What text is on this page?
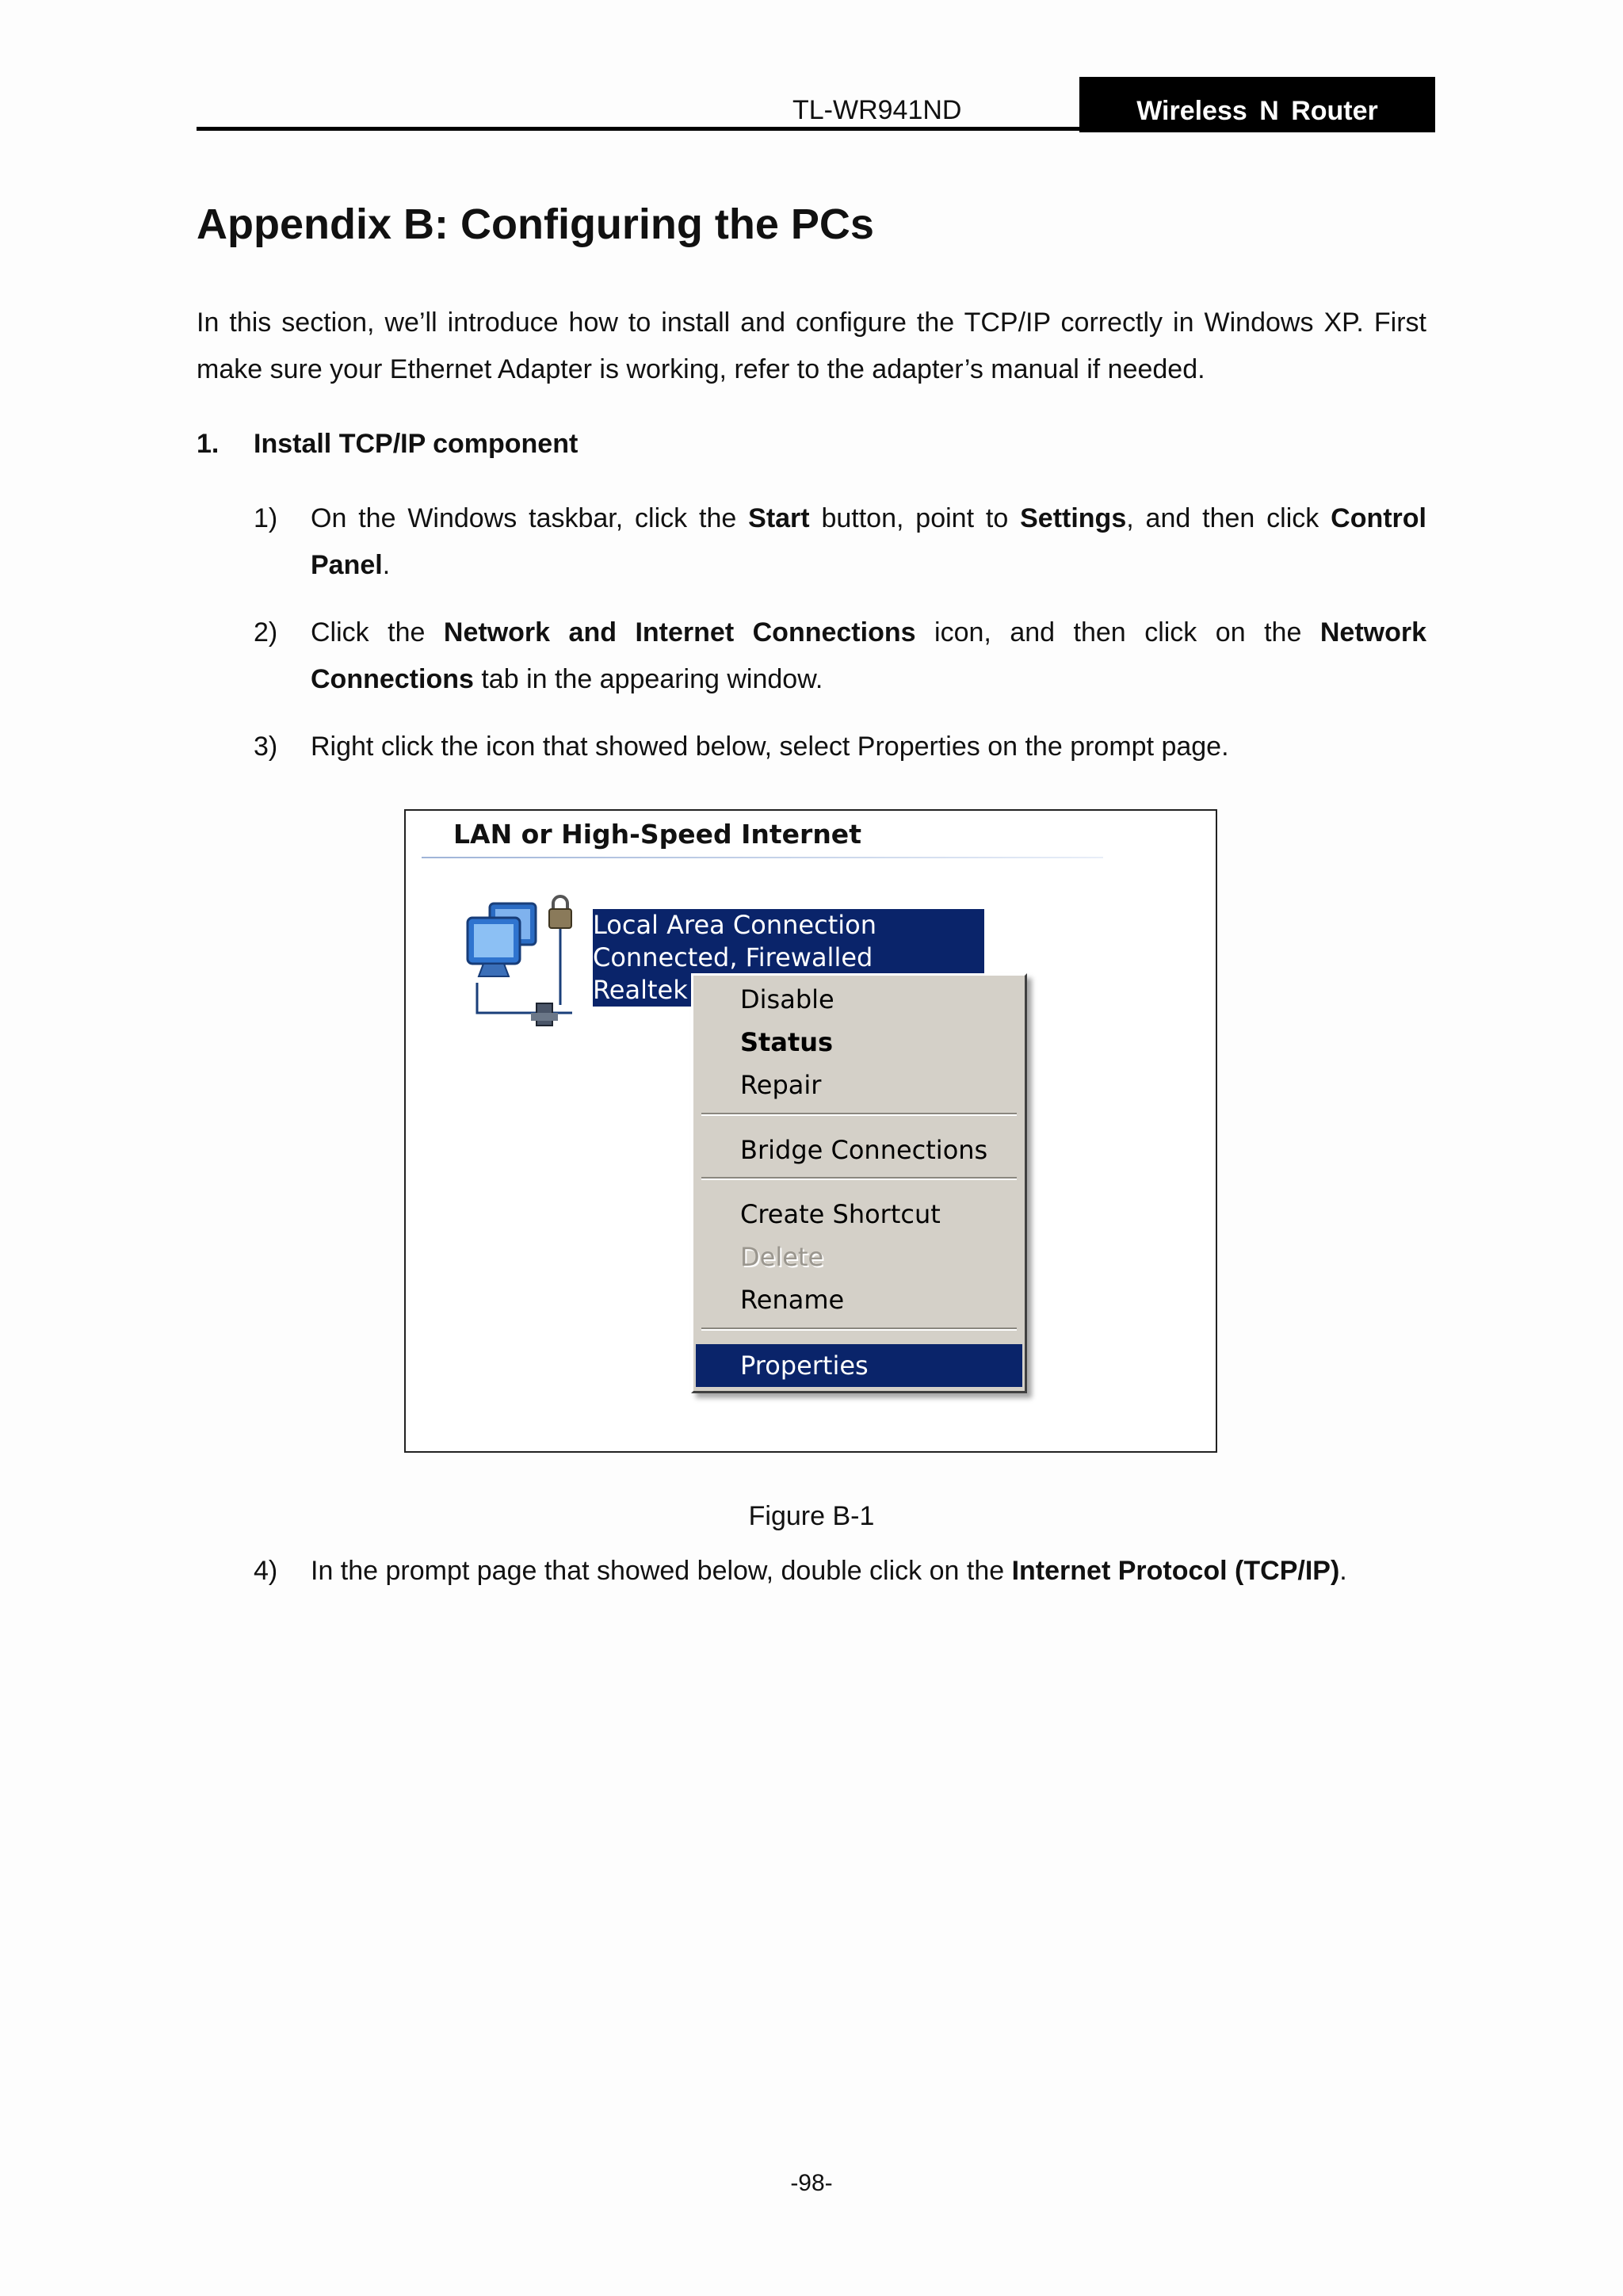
TL-WR941ND	Wireless N Router
Appendix B: Configuring the PCs
In this section, we’ll introduce how to install and configure the TCP/IP correctly in Windows XP. First make sure your Ethernet Adapter is working, refer to the adapter’s manual if needed.
1. Install TCP/IP component
1) On the Windows taskbar, click the Start button, point to Settings, and then click Control Panel.
2) Click the Network and Internet Connections icon, and then click on the Network Connections tab in the appearing window.
3) Right click the icon that showed below, select Properties on the prompt page.
LAN or High-Speed Internet
Local Area Connection
Connected, Firewalled
Realtek	Disable
Status
Repair
Bridge Connections
Create Shortcut
Delete
Rename
Properties
Figure B-1
4) In the prompt page that showed below, double click on the Internet Protocol (TCP/IP).
-98-
